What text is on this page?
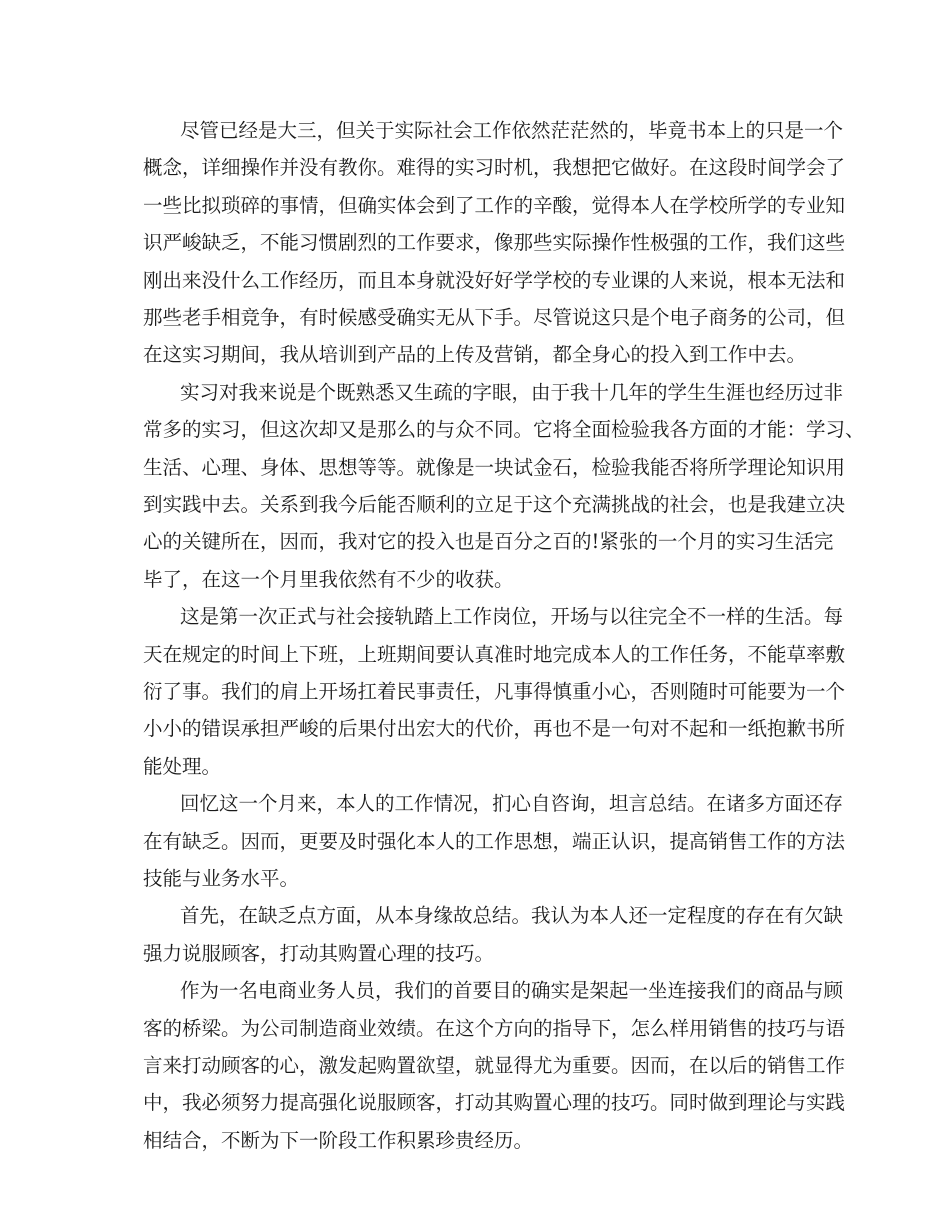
尽管已经是大三，但关于实际社会工作依然茫茫然的，毕竟书本上的只是一个
概念，详细操作并没有教你。难得的实习时机，我想把它做好。在这段时间学会了
一些比拟琐碎的事情，但确实体会到了工作的辛酸，觉得本人在学校所学的专业知
识严峻缺乏，不能习惯剧烈的工作要求，像那些实际操作性极强的工作，我们这些
刚出来没什么工作经历，而且本身就没好好学学校的专业课的人来说，根本无法和
那些老手相竞争，有时候感受确实无从下手。尽管说这只是个电子商务的公司，但
在这实习期间，我从培训到产品的上传及营销，都全身心的投入到工作中去。
实习对我来说是个既熟悉又生疏的字眼，由于我十几年的学生生涯也经历过非
常多的实习，但这次却又是那么的与众不同。它将全面检验我各方面的才能：学习、
生活、心理、身体、思想等等。就像是一块试金石，检验我能否将所学理论知识用
到实践中去。关系到我今后能否顺利的立足于这个充满挑战的社会，也是我建立决
心的关键所在，因而，我对它的投入也是百分之百的!紧张的一个月的实习生活完
毕了，在这一个月里我依然有不少的收获。
这是第一次正式与社会接轨踏上工作岗位，开场与以往完全不一样的生活。每
天在规定的时间上下班，上班期间要认真准时地完成本人的工作任务，不能草率敷
衍了事。我们的肩上开场扛着民事责任，凡事得慎重小心，否则随时可能要为一个
小小的错误承担严峻的后果付出宏大的代价，再也不是一句对不起和一纸抱歉书所
能处理。
回忆这一个月来，本人的工作情况，扪心自咨询，坦言总结。在诸多方面还存
在有缺乏。因而，更要及时强化本人的工作思想，端正认识，提高销售工作的方法
技能与业务水平。
首先，在缺乏点方面，从本身缘故总结。我认为本人还一定程度的存在有欠缺
强力说服顾客，打动其购置心理的技巧。
作为一名电商业务人员，我们的首要目的确实是架起一坐连接我们的商品与顾
客的桥梁。为公司制造商业效绩。在这个方向的指导下，怎么样用销售的技巧与语
言来打动顾客的心，激发起购置欲望，就显得尤为重要。因而，在以后的销售工作
中，我必须努力提高强化说服顾客，打动其购置心理的技巧。同时做到理论与实践
相结合，不断为下一阶段工作积累珍贵经历。
